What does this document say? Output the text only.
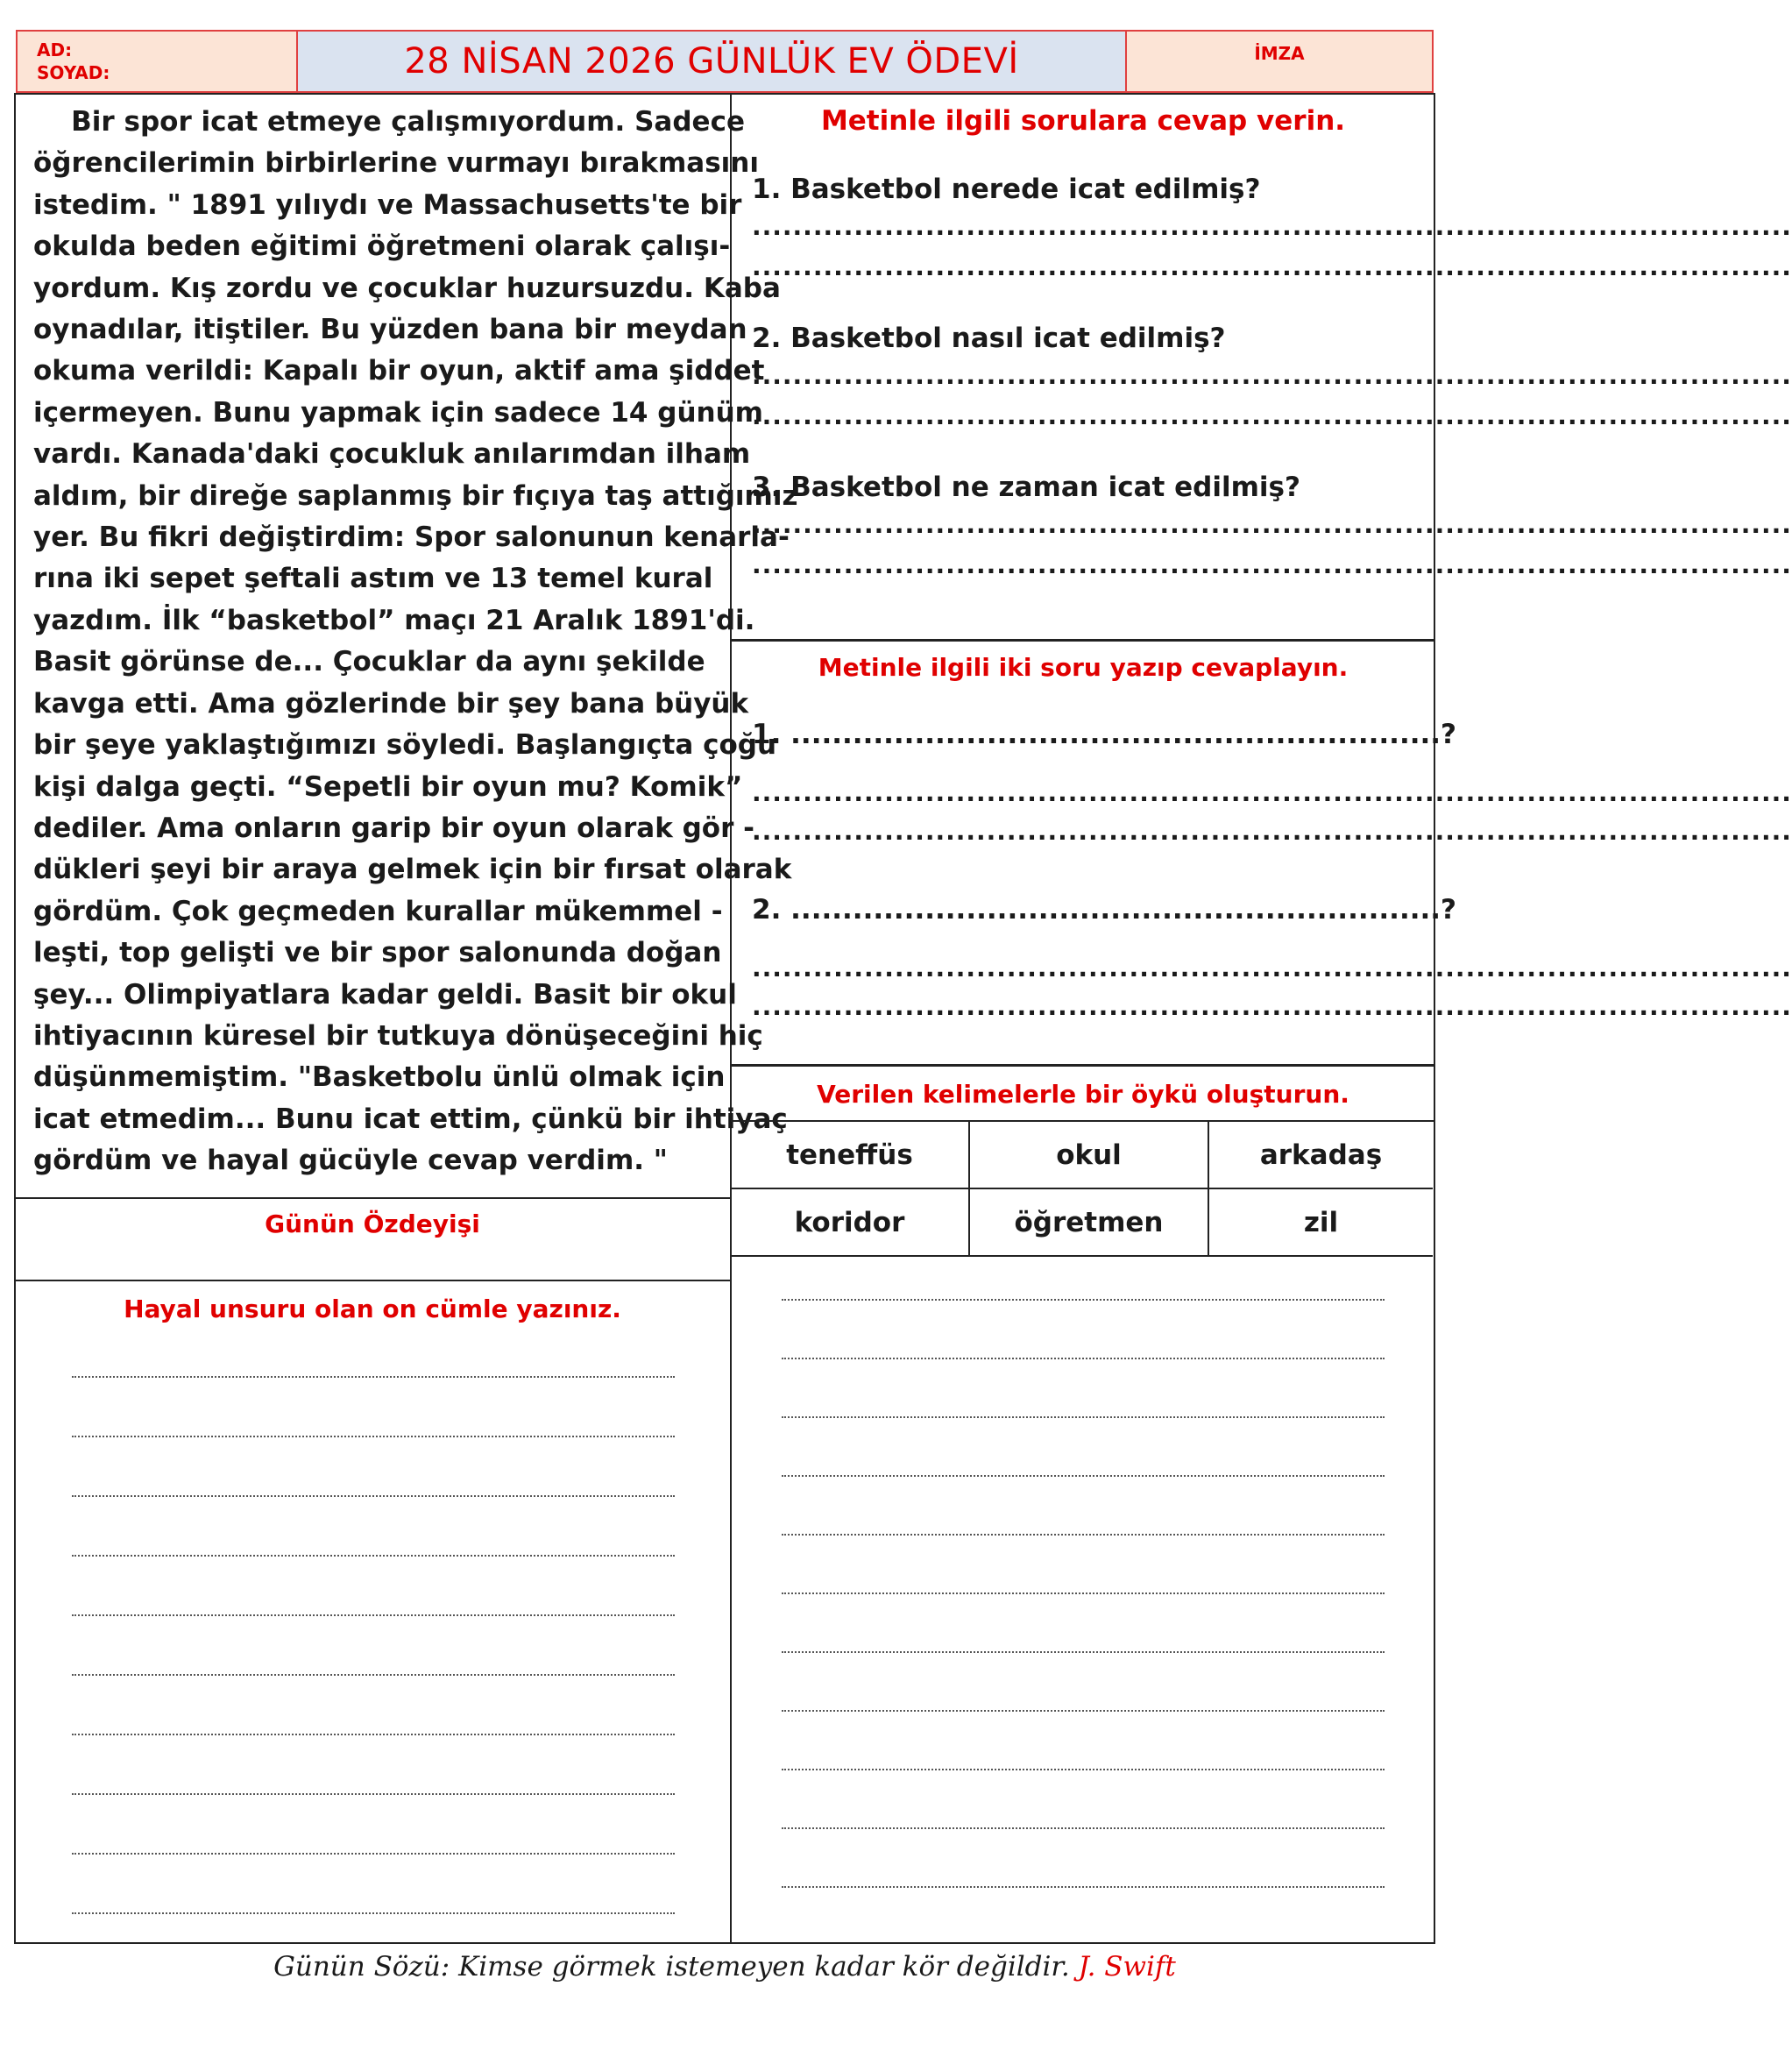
AD:
SOYAD:	28 NİSAN 2026 GÜNLÜK EV ÖDEVİ	İMZA
Bir spor icat etmeye çalışmıyordum. Sadece
öğrencilerimin birbirlerine vurmayı bırakmasını
istedim. " 1891 yılıydı ve Massachusetts'te bir
okulda beden eğitimi öğretmeni olarak çalışı-
yordum. Kış zordu ve çocuklar huzursuzdu. Kaba
oynadılar, itiştiler. Bu yüzden bana bir meydan
okuma verildi: Kapalı bir oyun, aktif ama şiddet
içermeyen. Bunu yapmak için sadece 14 günüm
vardı. Kanada'daki çocukluk anılarımdan ilham
aldım, bir direğe saplanmış bir fıçıya taş attığımız
yer. Bu fikri değiştirdim: Spor salonunun kenarla-
rına iki sepet şeftali astım ve 13 temel kural
yazdım. İlk “basketbol” maçı 21 Aralık 1891'di.
Basit görünse de... Çocuklar da aynı şekilde
kavga etti. Ama gözlerinde bir şey bana büyük
bir şeye yaklaştığımızı söyledi. Başlangıçta çoğu
kişi dalga geçti. “Sepetli bir oyun mu? Komik”
dediler. Ama onların garip bir oyun olarak gör -
dükleri şeyi bir araya gelmek için bir fırsat olarak
gördüm. Çok geçmeden kurallar mükemmel -
leşti, top gelişti ve bir spor salonunda doğan
şey... Olimpiyatlara kadar geldi. Basit bir okul
ihtiyacının küresel bir tutkuya dönüşeceğini hiç
düşünmemiştim. "Basketbolu ünlü olmak için
icat etmedim... Bunu icat ettim, çünkü bir ihtiyaç
gördüm ve hayal gücüyle cevap verdim. "
Günün Özdeyişi
Hayal unsuru olan on cümle yazınız.
Metinle ilgili sorulara cevap verin.
1. Basketbol nerede icat edilmiş?
......................................................................................................
......................................................................................................
2. Basketbol nasıl icat edilmiş?
......................................................................................................
......................................................................................................
3. Basketbol ne zaman icat edilmiş?
......................................................................................................
......................................................................................................
Metinle ilgili iki soru yazıp cevaplayın.
1. ...............................................................?
......................................................................................................
......................................................................................................
2. ...............................................................?
......................................................................................................
......................................................................................................
Verilen kelimelerle bir öykü oluşturun.
teneffüs	okul	arkadaş
koridor	öğretmen	zil
Günün Sözü: Kimse görmek istemeyen kadar kör değildir. J. Swift
